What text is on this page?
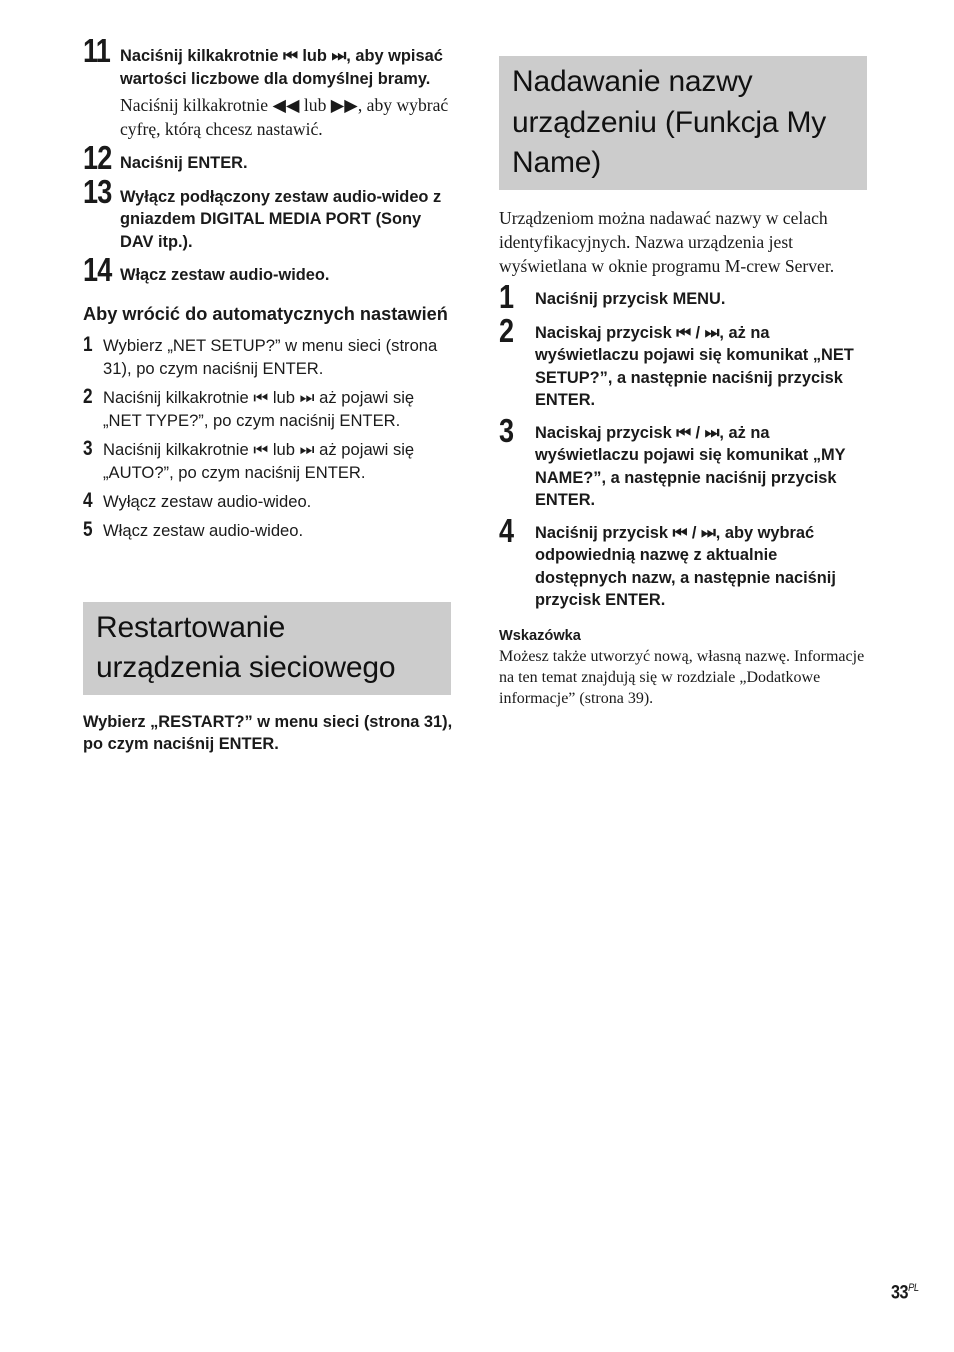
11 Naciśnij kilkakrotnie ⏮ lub ⏭, aby wpisać wartości liczbowe dla domyślnej bramy.
Naciśnij kilkakrotnie ◀◀ lub ▶▶, aby wybrać cyfrę, którą chcesz nastawić.
12 Naciśnij ENTER.
13 Wyłącz podłączony zestaw audio-wideo z gniazdem DIGITAL MEDIA PORT (Sony DAV itp.).
14 Włącz zestaw audio-wideo.
Aby wrócić do automatycznych nastawień
1 Wybierz „NET SETUP?” w menu sieci (strona 31), po czym naciśnij ENTER.
2 Naciśnij kilkakrotnie ⏮ lub ⏭ aż pojawi się „NET TYPE?”, po czym naciśnij ENTER.
3 Naciśnij kilkakrotnie ⏮ lub ⏭ aż pojawi się „AUTO?”, po czym naciśnij ENTER.
4 Wyłącz zestaw audio-wideo.
5 Włącz zestaw audio-wideo.
Restartowanie urządzenia sieciowego
Wybierz „RESTART?” w menu sieci (strona 31), po czym naciśnij ENTER.
Nadawanie nazwy urządzeniu (Funkcja My Name)
Urządzeniom można nadawać nazwy w celach identyfikacyjnych. Nazwa urządzenia jest wyświetlana w oknie programu M-crew Server.
1	Naciśnij przycisk MENU.
2	Naciskaj przycisk ⏮ / ⏭, aż na wyświetlaczu pojawi się komunikat „NET SETUP?”, a następnie naciśnij przycisk ENTER.
3	Naciskaj przycisk ⏮ / ⏭, aż na wyświetlaczu pojawi się komunikat „MY NAME?”, a następnie naciśnij przycisk ENTER.
4	Naciśnij przycisk ⏮ / ⏭, aby wybrać odpowiednią nazwę z aktualnie dostępnych nazw, a następnie naciśnij przycisk ENTER.
Wskazówka
Możesz także utworzyć nową, własną nazwę. Informacje na ten temat znajdują się w rozdziale „Dodatkowe informacje” (strona 39).
$33^{PL}$
